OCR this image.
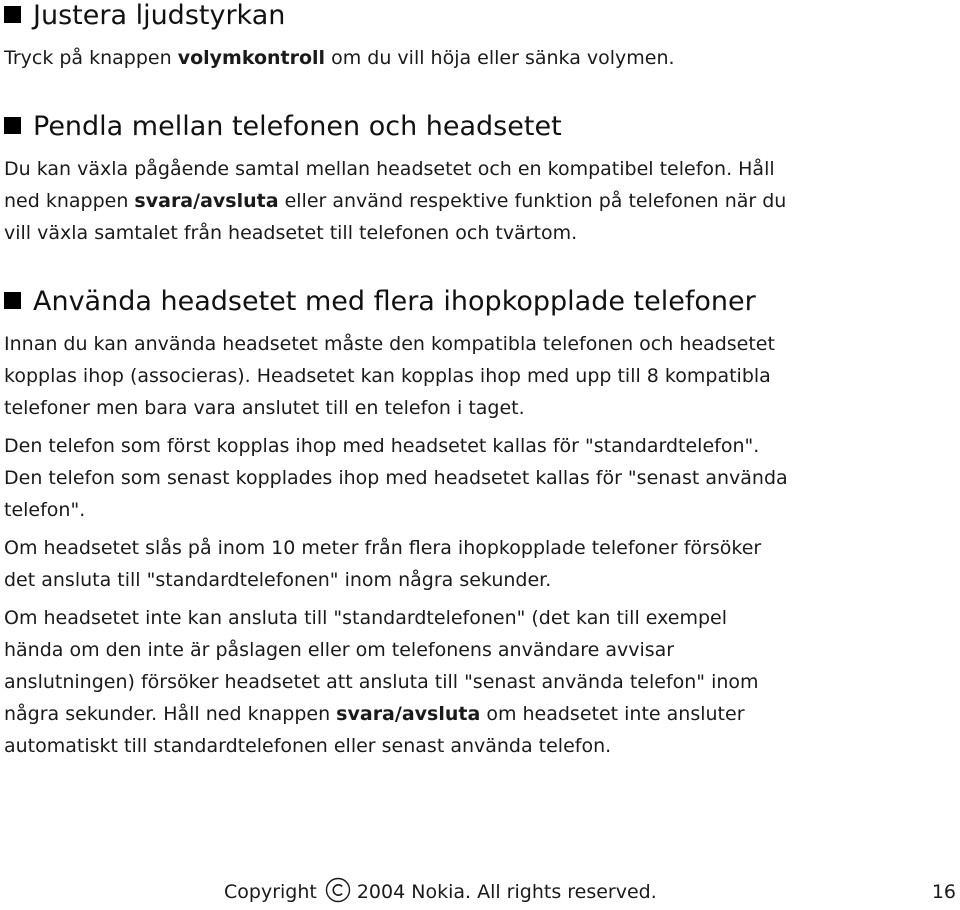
Justera ljudstyrkan

Tryck på knappen volymkontroll om du vill höja eller sänka volymen.

Pendla mellan telefonen och headsetet

Du kan växla pågående samtal mellan headsetet och en kompatibel telefon. Håll
ned knappen svara/avsluta eller använd respektive funktion på telefonen när du
vill växla samtalet från headsetet till telefonen och tvärtom.

Använda headsetet med flera ihopkopplade telefoner

Innan du kan använda headsetet måste den kompatibla telefonen och headsetet
kopplas ihop (associeras). Headsetet kan kopplas ihop med upp till 8 kompatibla
telefoner men bara vara anslutet till en telefon i taget.

Den telefon som först kopplas ihop med headsetet kallas för "standardtelefon".
Den telefon som senast kopplades ihop med headsetet kallas för "senast använda
telefon".

Om headsetet slås på inom 10 meter från flera ihopkopplade telefoner försöker
det ansluta till "standardtelefonen" inom några sekunder.

Om headsetet inte kan ansluta till "standardtelefonen" (det kan till exempel
hända om den inte är påslagen eller om telefonens användare avvisar
anslutningen) försöker headsetet att ansluta till "senast använda telefon" inom
några sekunder. Håll ned knappen svara/avsluta om headsetet inte ansluter
automatiskt till standardtelefonen eller senast använda telefon.

Copyright 2004 Nokia. All rights reserved.	16
